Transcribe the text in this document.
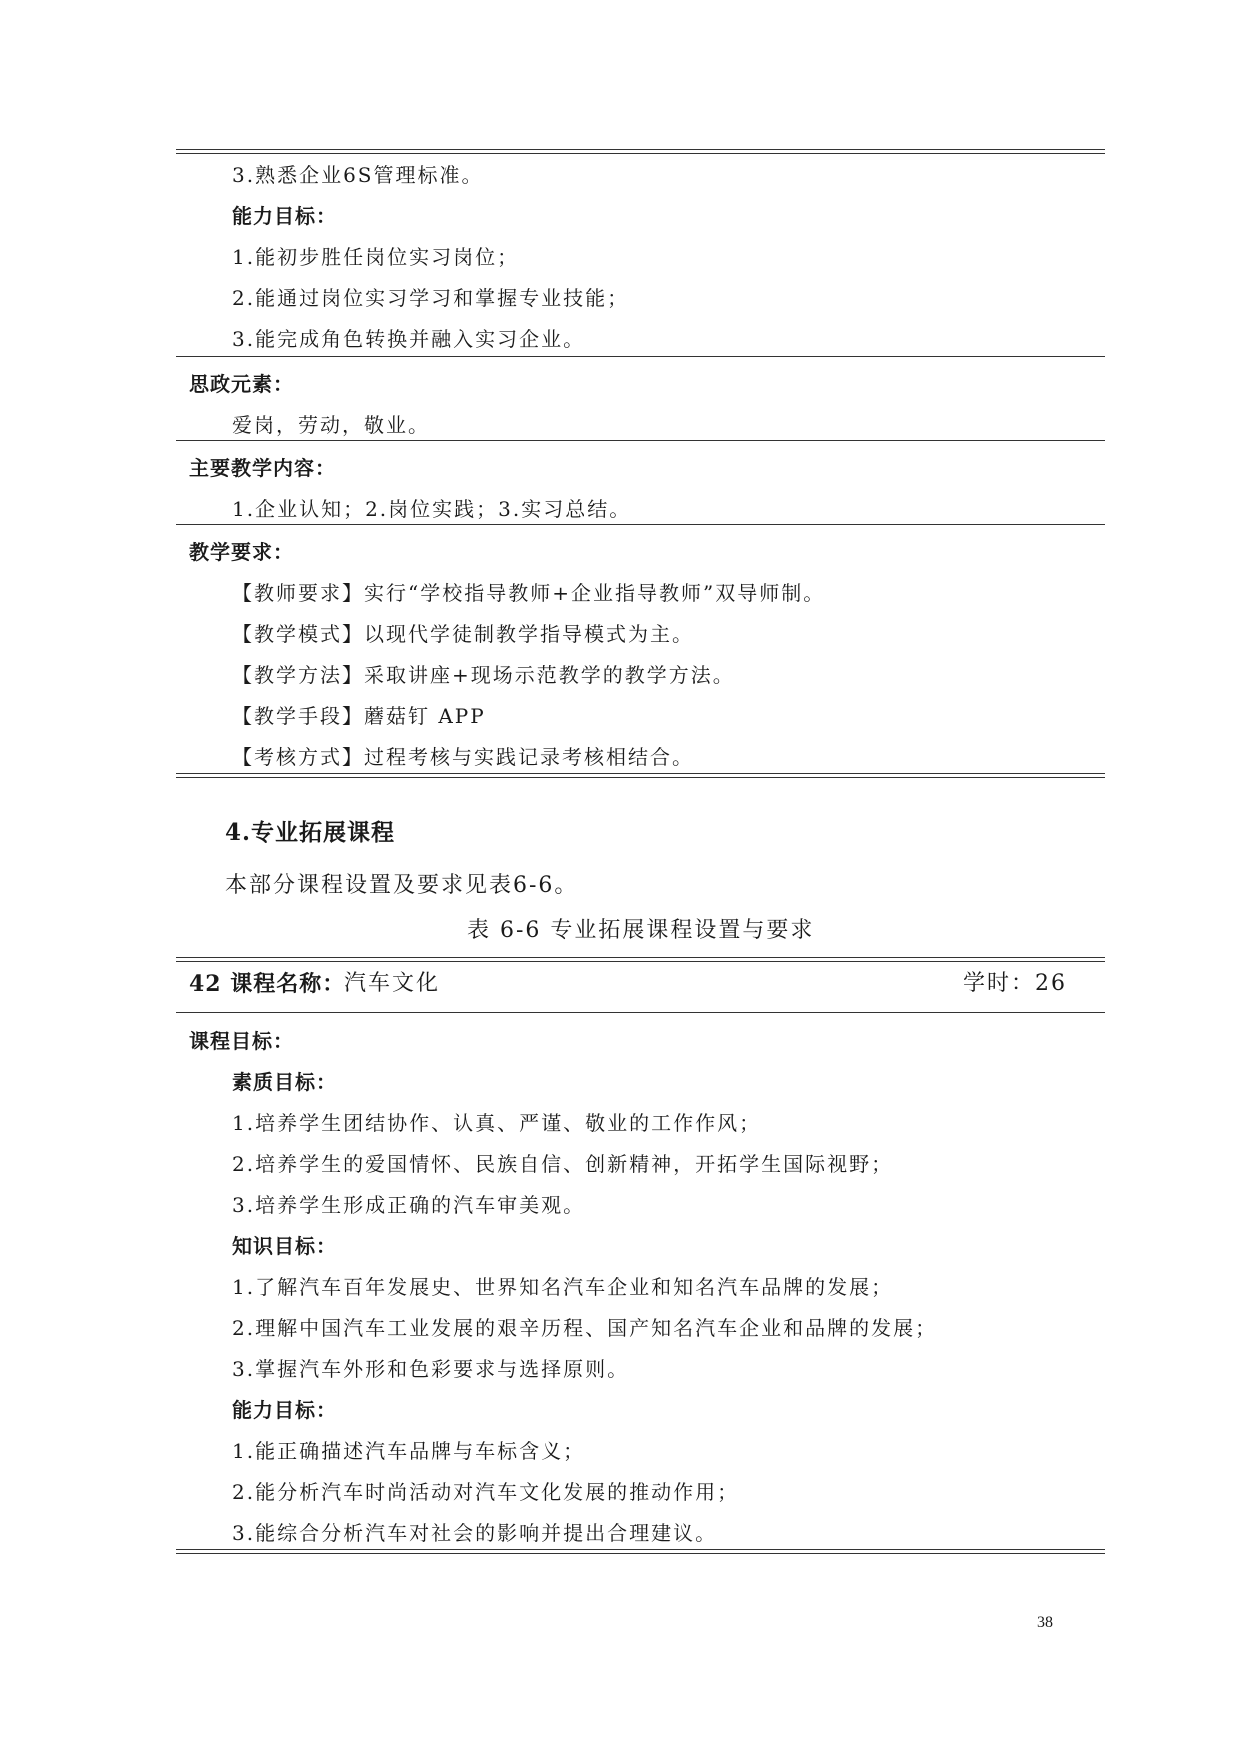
3.熟悉企业6S管理标准。
能力目标：
1.能初步胜任岗位实习岗位；
2.能通过岗位实习学习和掌握专业技能；
3.能完成角色转换并融入实习企业。
思政元素：
爱岗，劳动，敬业。
主要教学内容：
1.企业认知；2.岗位实践；3.实习总结。
教学要求：
【教师要求】实行“学校指导教师+企业指导教师”双导师制。
【教学模式】以现代学徒制教学指导模式为主。
【教学方法】采取讲座+现场示范教学的教学方法。
【教学手段】蘑菇钉 APP
【考核方式】过程考核与实践记录考核相结合。
4.专业拓展课程
本部分课程设置及要求见表6-6。
表 6-6 专业拓展课程设置与要求
42 课程名称：
汽车文化	学时：26
课程目标：
素质目标：
1.培养学生团结协作、认真、严谨、敬业的工作作风；
2.培养学生的爱国情怀、民族自信、创新精神，开拓学生国际视野；
3.培养学生形成正确的汽车审美观。
知识目标：
1.了解汽车百年发展史、世界知名汽车企业和知名汽车品牌的发展；
2.理解中国汽车工业发展的艰辛历程、国产知名汽车企业和品牌的发展；
3.掌握汽车外形和色彩要求与选择原则。
能力目标：
1.能正确描述汽车品牌与车标含义；
2.能分析汽车时尚活动对汽车文化发展的推动作用；
3.能综合分析汽车对社会的影响并提出合理建议。
38
